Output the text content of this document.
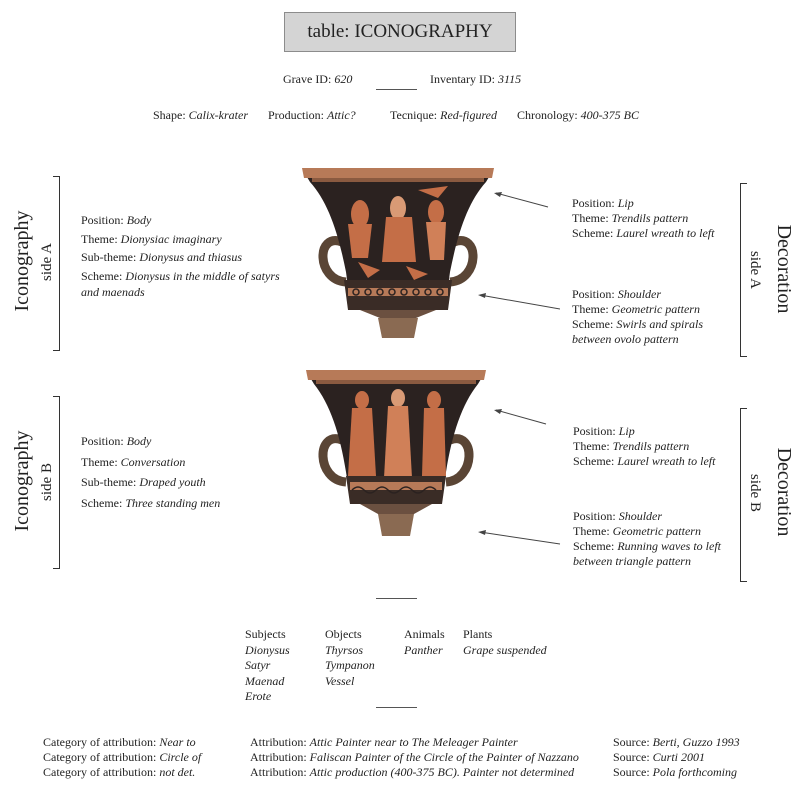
table: ICONOGRAPHY
Grave ID: 620	Inventary ID: 3115
Shape: Calix-krater Production: Attic?	Tecnique: Red-figured Chronology: 400-375 BC
Iconography side A
Position: Body
Theme: Dionysiac imaginary
Sub-theme: Dionysus and thiasus
Scheme: Dionysus in the middle of satyrs
and maenads
Position: Lip
Theme: Trendils pattern
Scheme: Laurel wreath to left
Position: Shoulder
Theme: Geometric pattern
Scheme: Swirls and spirals
between ovolo pattern
Decoration
side A
Iconography side B
Position: Body
Theme: Conversation
Sub-theme: Draped youth
Scheme: Three standing men
Position: Lip
Theme: Trendils pattern
Scheme: Laurel wreath to left
Position: Shoulder
Theme: Geometric pattern
Scheme: Running waves to left
between triangle pattern
Decoration
side B
Subjects
Dionysus
Satyr
Maenad
Erote
Objects
Thyrsos
Tympanon
Vessel
Animals
Panther
Plants
Grape suspended
Category of attribution: Near to
Category of attribution: Circle of
Category of attribution: not det.
Attribution: Attic Painter near to The Meleager Painter
Attribution: Faliscan Painter of the Circle of the Painter of Nazzano
Attribution: Attic production (400-375 BC). Painter not determined
Source: Berti, Guzzo 1993
Source: Curti 2001
Source: Pola forthcoming
